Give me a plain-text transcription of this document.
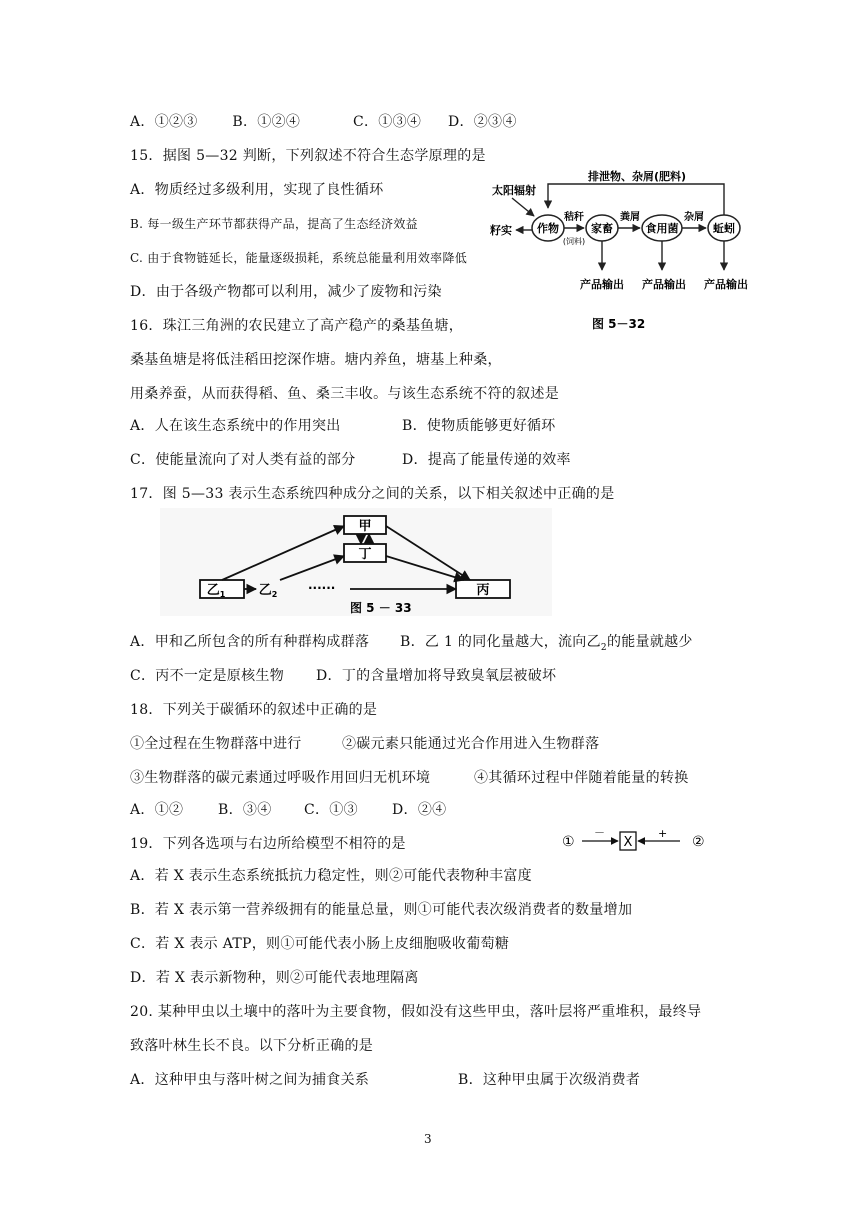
A．①②③ B．①②④	C．①③④ D．②③④
15．据图 5—32 判断，下列叙述不符合生态学原理的是
A．物质经过多级利用，实现了良性循环
B. 每一级生产环节都获得产品，提高了生态经济效益
C. 由于食物链延长，能量逐级损耗，系统总能量利用效率降低
D．由于各级产物都可以利用，减少了废物和污染
排泄物、杂屑(肥料)
太阳辐射
籽实 作物	家畜	食用菌	蚯蚓
秸秆
(饲料)
粪屑	杂屑
产品输出 产品输出 产品输出
图 5－32
16．珠江三角洲的农民建立了高产稳产的桑基鱼塘，
桑基鱼塘是将低洼稻田挖深作塘。塘内养鱼，塘基上种桑，
用桑养蚕，从而获得稻、鱼、桑三丰收。与该生态系统不符的叙述是
A．人在该生态系统中的作用突出	B．使物质能够更好循环
C．使能量流向了对人类有益的部分	D．提高了能量传递的效率
17．图 5—33 表示生态系统四种成分之间的关系，以下相关叙述中正确的是
甲
丁
乙$_1$	乙$_2$	······	丙
图 5 － 33
A．甲和乙所包含的所有种群构成群落 B．乙 1 的同化量越大，流向乙$_2$的能量就越少
C．丙不一定是原核生物 D．丁的含量增加将导致臭氧层被破坏
18．下列关于碳循环的叙述中正确的是
①全过程在生物群落中进行	②碳元素只能通过光合作用进入生物群落
③生物群落的碳元素通过呼吸作用回归无机环境	④其循环过程中伴随着能量的转换
A．①② B．③④ C．①③ D．②④
19．下列各选项与右边所给模型不相符的是	①
－
X
+
②
A．若 X 表示生态系统抵抗力稳定性，则②可能代表物种丰富度
B．若 X 表示第一营养级拥有的能量总量，则①可能代表次级消费者的数量增加
C．若 X 表示 ATP，则①可能代表小肠上皮细胞吸收葡萄糖
D．若 X 表示新物种，则②可能代表地理隔离
20. 某种甲虫以土壤中的落叶为主要食物，假如没有这些甲虫，落叶层将严重堆积，最终导
致落叶林生长不良。以下分析正确的是
A．这种甲虫与落叶树之间为捕食关系	B．这种甲虫属于次级消费者
3
